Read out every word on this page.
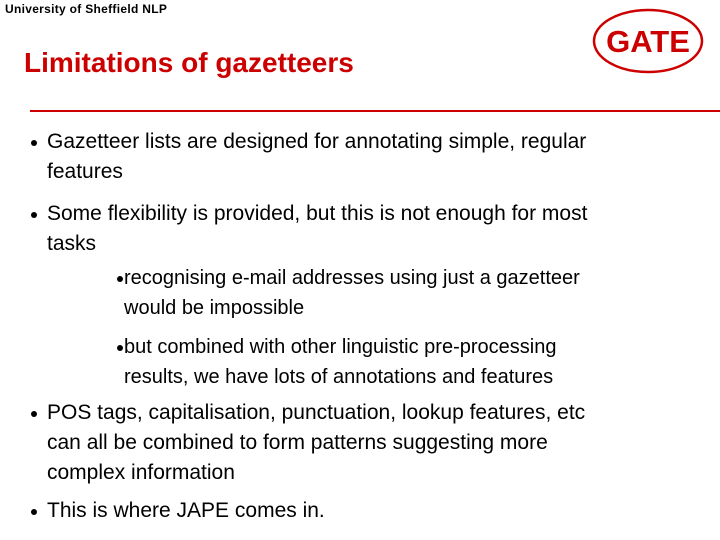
University of Sheffield NLP
GATE
Limitations of gazetteers
Gazetteer lists are designed for annotating simple, regular
features
Some flexibility is provided, but this is not enough for most
tasks
recognising e-mail addresses using just a gazetteer
would be impossible
but combined with other linguistic pre-processing
results, we have lots of annotations and features
POS tags, capitalisation, punctuation, lookup features, etc
can all be combined to form patterns suggesting more
complex information
This is where JAPE comes in.
